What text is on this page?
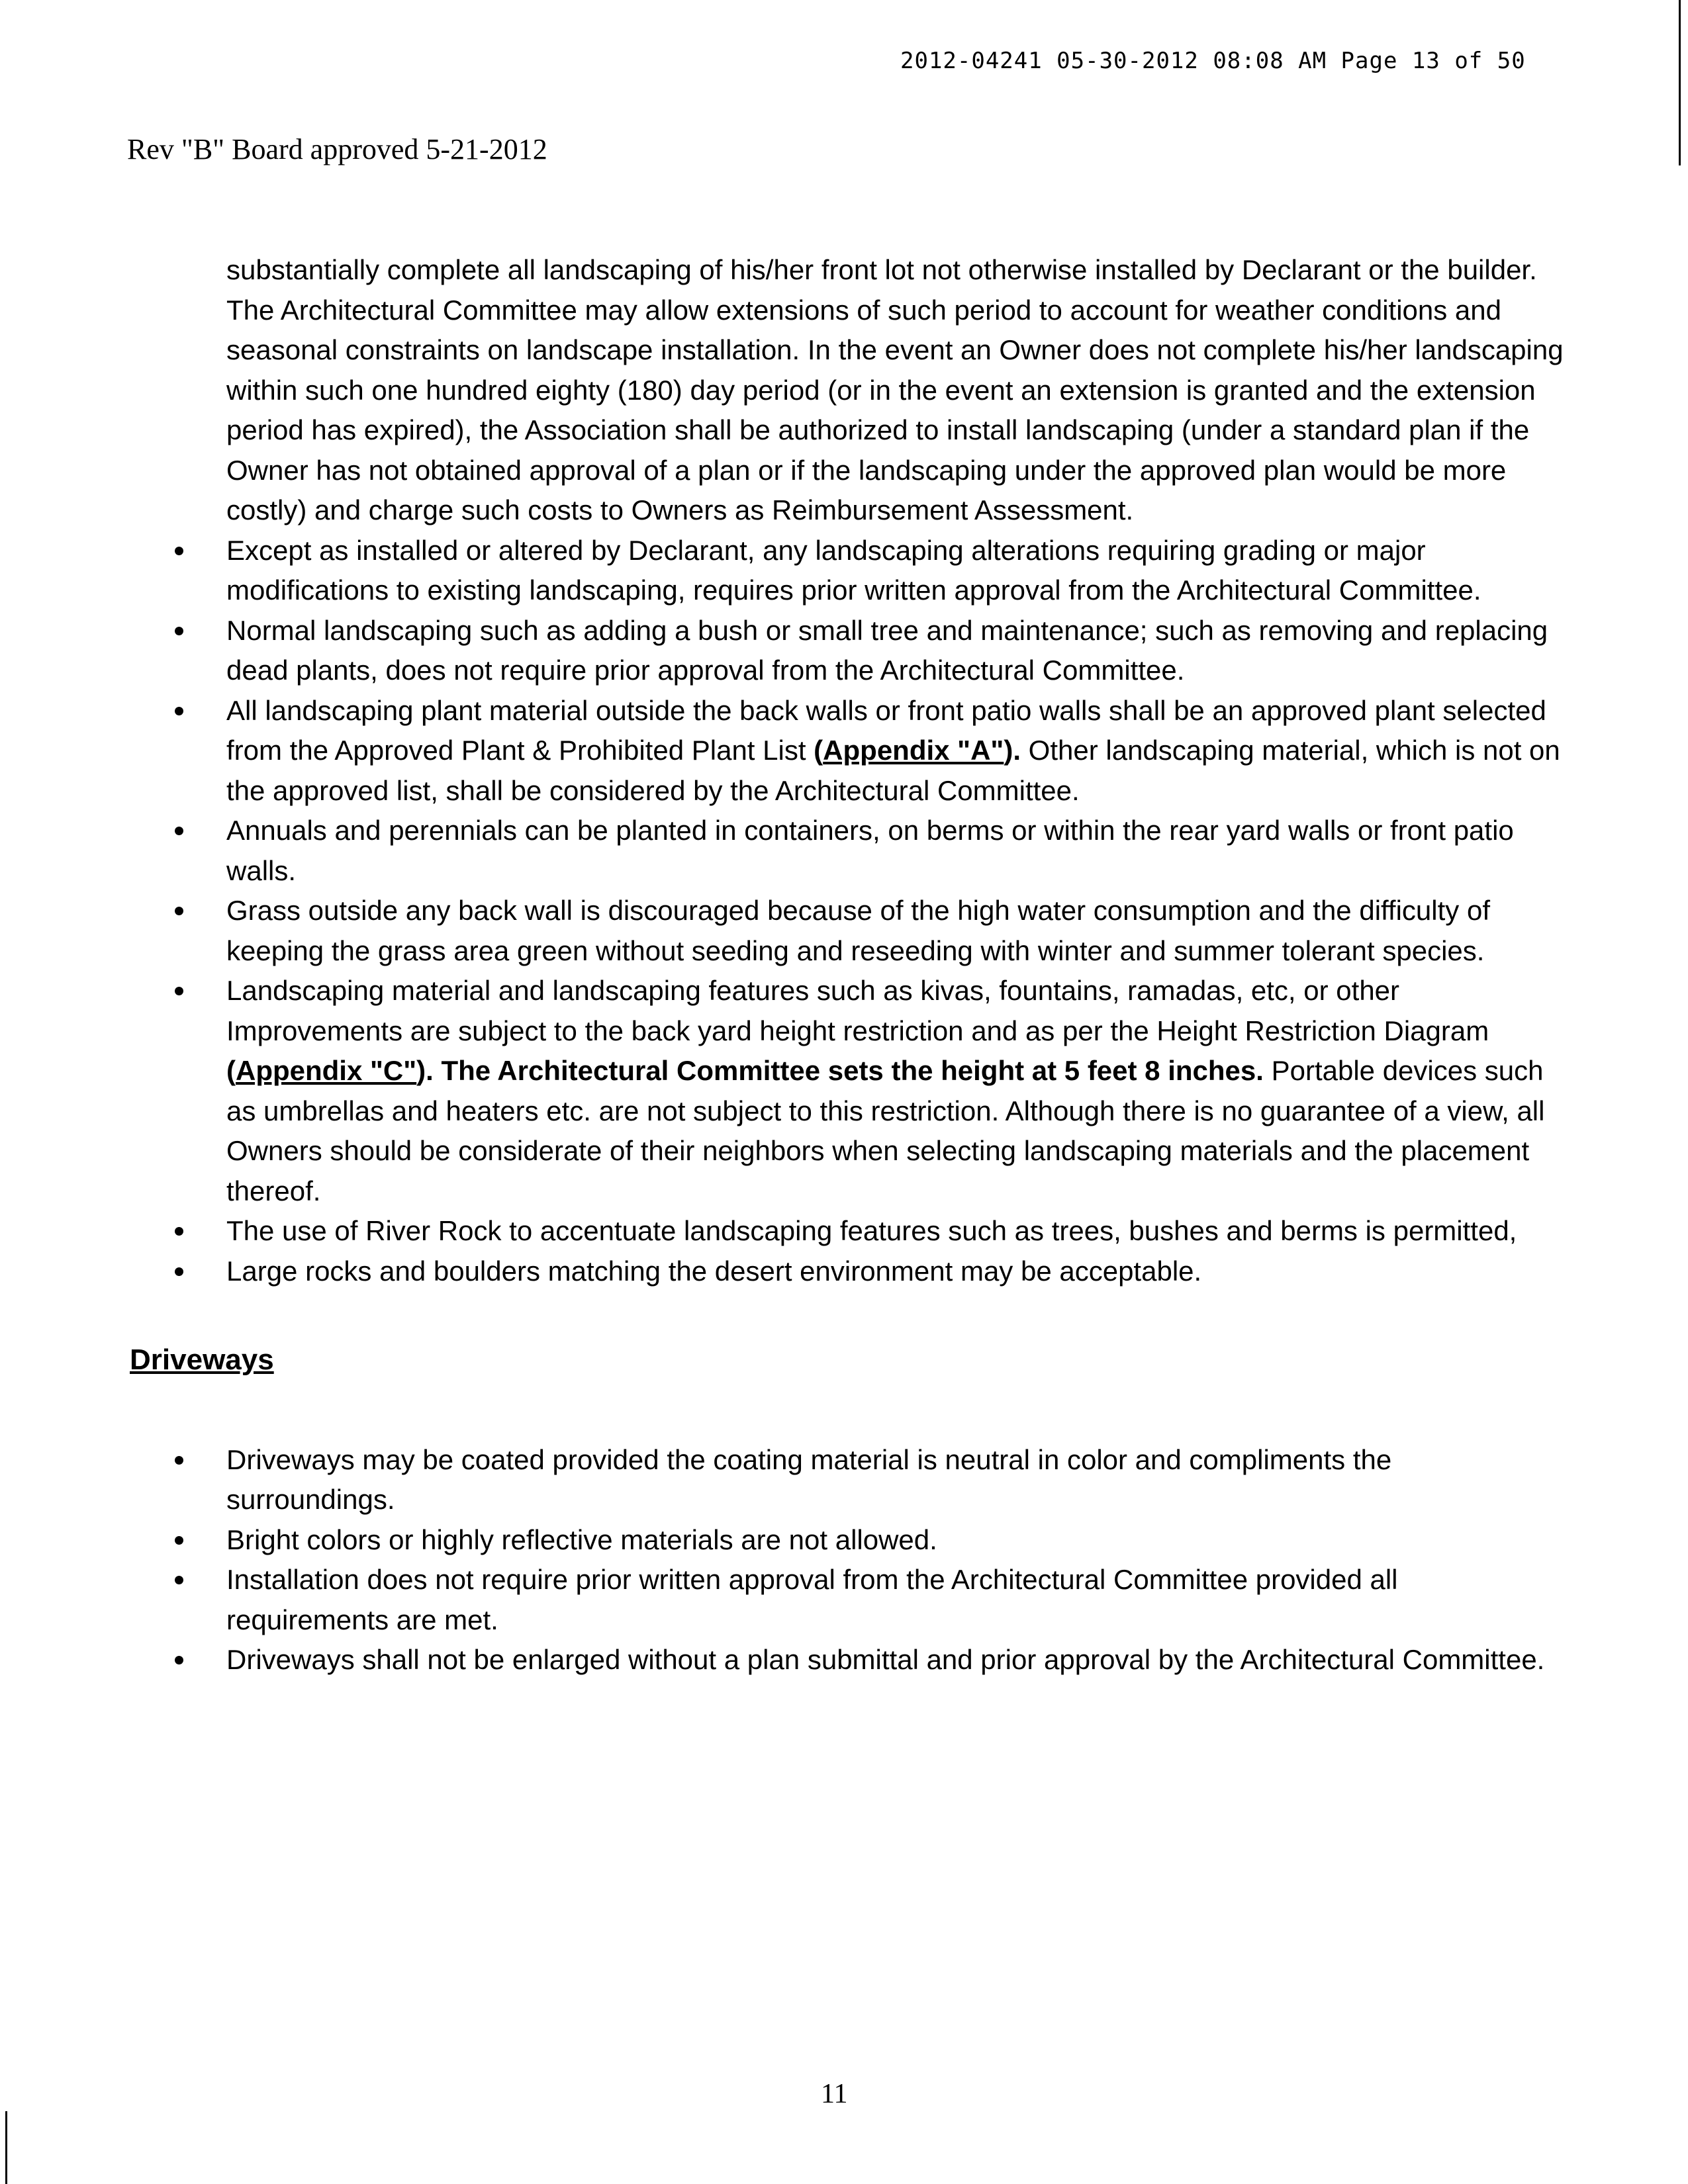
2012-04241 05-30-2012 08:08 AM Page 13 of 50
Rev "B" Board approved 5-21-2012

substantially complete all landscaping of his/her front lot not otherwise installed by Declarant or the builder. The Architectural Committee may allow extensions of such period to account for weather conditions and seasonal constraints on landscape installation. In the event an Owner does not complete his/her landscaping within such one hundred eighty (180) day period (or in the event an extension is granted and the extension period has expired), the Association shall be authorized to install landscaping (under a standard plan if the Owner has not obtained approval of a plan or if the landscaping under the approved plan would be more costly) and charge such costs to Owners as Reimbursement Assessment.

Except as installed or altered by Declarant, any landscaping alterations requiring grading or major modifications to existing landscaping, requires prior written approval from the Architectural Committee.
Normal landscaping such as adding a bush or small tree and maintenance; such as removing and replacing dead plants, does not require prior approval from the Architectural Committee.
All landscaping plant material outside the back walls or front patio walls shall be an approved plant selected from the Approved Plant & Prohibited Plant List (Appendix "A"). Other landscaping material, which is not on the approved list, shall be considered by the Architectural Committee.
Annuals and perennials can be planted in containers, on berms or within the rear yard walls or front patio walls.
Grass outside any back wall is discouraged because of the high water consumption and the difficulty of keeping the grass area green without seeding and reseeding with winter and summer tolerant species.
Landscaping material and landscaping features such as kivas, fountains, ramadas, etc, or other Improvements are subject to the back yard height restriction and as per the Height Restriction Diagram (Appendix "C"). The Architectural Committee sets the height at 5 feet 8 inches. Portable devices such as umbrellas and heaters etc. are not subject to this restriction. Although there is no guarantee of a view, all Owners should be considerate of their neighbors when selecting landscaping materials and the placement thereof.
The use of River Rock to accentuate landscaping features such as trees, bushes and berms is permitted,
Large rocks and boulders matching the desert environment may be acceptable.
Driveways
Driveways may be coated provided the coating material is neutral in color and compliments the surroundings.
Bright colors or highly reflective materials are not allowed.
Installation does not require prior written approval from the Architectural Committee provided all requirements are met.
Driveways shall not be enlarged without a plan submittal and prior approval by the Architectural Committee.
11
